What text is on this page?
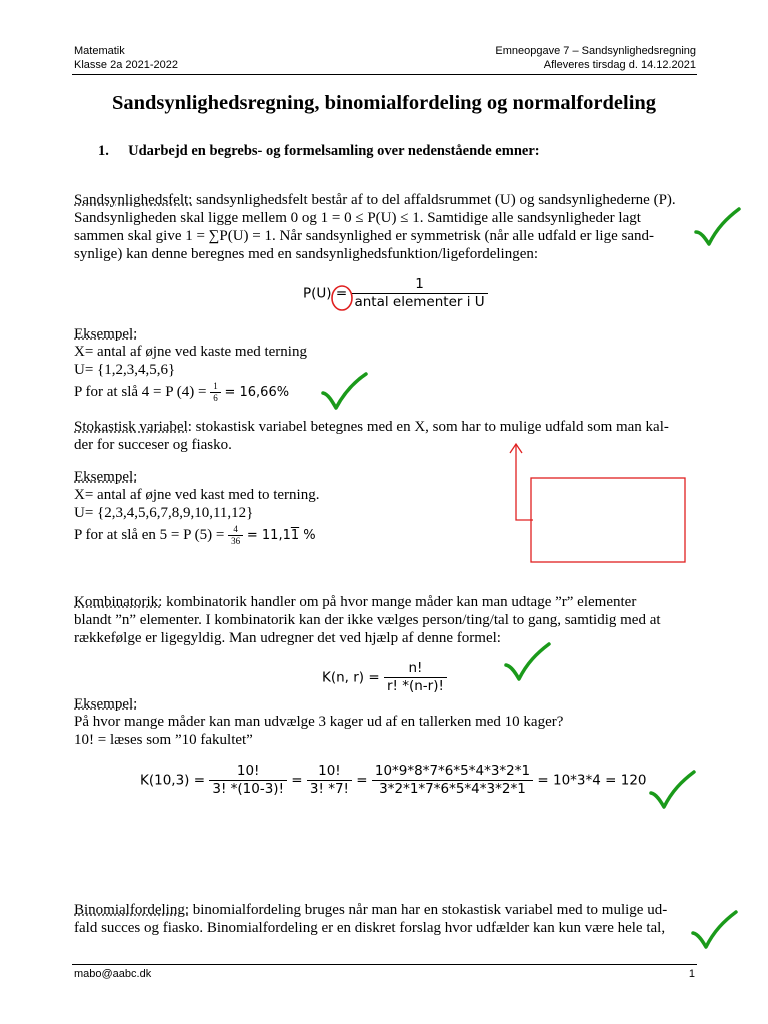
Matematik
Klasse 2a 2021-2022
Emneopgave 7 – Sandsynlighedsregning
Afleveres tirsdag d. 14.12.2021
Sandsynlighedsregning, binomialfordeling og normalfordeling
1. Udarbejd en begrebs- og formelsamling over nedenstående emner:
Sandsynlighedsfelt: sandsynlighedsfelt består af to del affaldsrummet (U) og sandsynlighederne (P).
Sandsynligheden skal ligge mellem 0 og 1 = 0 ≤ P(U) ≤ 1. Samtidige alle sandsynligheder lagt
sammen skal give 1 = ∑P(U) = 1. Når sandsynlighed er symmetrisk (når alle udfald er lige sand-
synlige) kan denne beregnes med en sandsynlighedsfunktion/ligefordelingen:
$P(U) = \frac{1}{\text{antal elementer i U}}$
Eksempel:
X= antal af øjne ved kaste med terning
U= {1,2,3,4,5,6}
P for at slå 4 = P $(4) = \frac{1}{6} = 16,66\%$
Stokastisk variabel: stokastisk variabel betegnes med en X, som har to mulige udfald som man kal-
der for succeser og fiasko.
Eksempel:
X= antal af øjne ved kast med to terning.
U= {2,3,4,5,6,7,8,9,10,11,12}
P for at slå en 5 = P $(5) = \frac{4}{36} = 11,11$ %
Kombinatorik: kombinatorik handler om på hvor mange måder kan man udtage ”r” elementer
blandt ”n” elementer. I kombinatorik kan der ikke vælges person/ting/tal to gang, samtidig med at
rækkefølge er ligegyldig. Man udregner det ved hjælp af denne formel:
K(n, $r) = \frac{n!}{r! *(n-r)!}$
Eksempel:
På hvor mange måder kan man udvælge 3 kager ud af en tallerken med 10 kager?
10! = læses som ”10 fakultet”
$K(10,3) = \frac{10!}{3! *(10-3)!} = \frac{10!}{3! *7!} = \frac{10*9*8*7*6*5*4*3*2*1}{3*2*1*7*6*5*4*3*2*1} = 10*3*4 = 120$
Binomialfordeling: binomialfordeling bruges når man har en stokastisk variabel med to mulige ud-
fald succes og fiasko. Binomialfordeling er en diskret forslag hvor udfælder kan kun være hele tal,
mabo@aabc.dk	1
